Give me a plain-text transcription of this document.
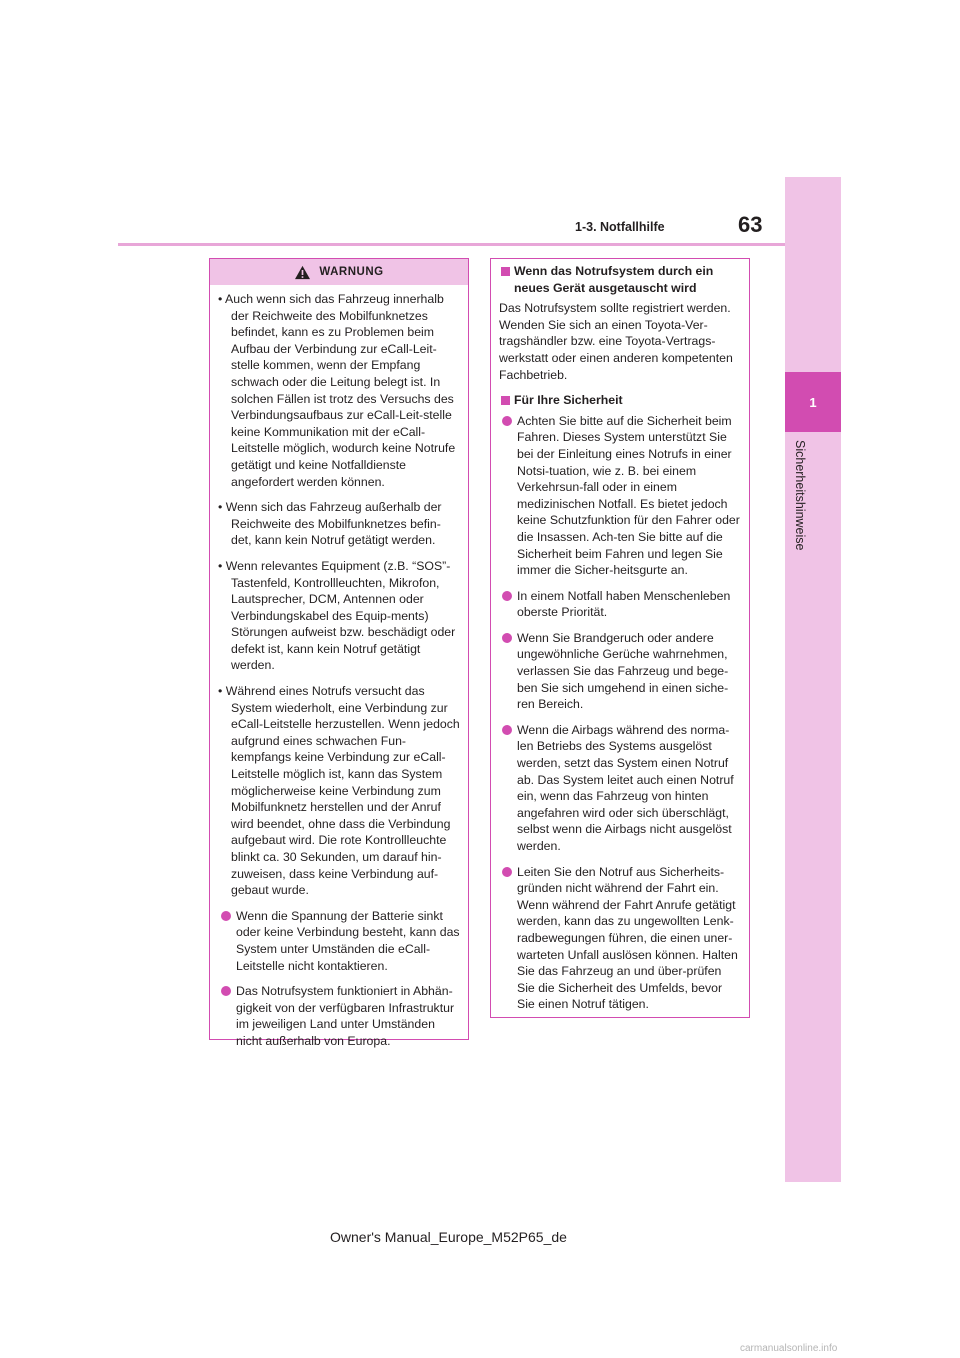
63
1-3. Notfallhilfe
1
Sicherheitshinweise
WARNUNG

• Auch wenn sich das Fahrzeug innerhalb der Reichweite des Mobilfunknetzes befindet, kann es zu Problemen beim Aufbau der Verbindung zur eCall-Leit-stelle kommen, wenn der Empfang schwach oder die Leitung belegt ist. In solchen Fällen ist trotz des Versuchs des Verbindungsaufbaus zur eCall-Leit-stelle keine Kommunikation mit der eCall-Leitstelle möglich, wodurch keine Notrufe getätigt und keine Notfalldienste angefordert werden können.

• Wenn sich das Fahrzeug außerhalb der Reichweite des Mobilfunknetzes befin-det, kann kein Notruf getätigt werden.

• Wenn relevantes Equipment (z.B. “SOS”-Tastenfeld, Kontrollleuchten, Mikrofon, Lautsprecher, DCM, Antennen oder Verbindungskabel des Equip-ments) Störungen aufweist bzw. beschädigt oder defekt ist, kann kein Notruf getätigt werden.

• Während eines Notrufs versucht das System wiederholt, eine Verbindung zur eCall-Leitstelle herzustellen. Wenn jedoch aufgrund eines schwachen Fun-kempfangs keine Verbindung zur eCall-Leitstelle möglich ist, kann das System möglicherweise keine Verbindung zum Mobilfunknetz herstellen und der Anruf wird beendet, ohne dass die Verbindung aufgebaut wird. Die rote Kontrollleuchte blinkt ca. 30 Sekunden, um darauf hin-zuweisen, dass keine Verbindung auf-gebaut wurde.

Wenn die Spannung der Batterie sinkt oder keine Verbindung besteht, kann das System unter Umständen die eCall-Leitstelle nicht kontaktieren.

Das Notrufsystem funktioniert in Abhän-gigkeit von der verfügbaren Infrastruktur im jeweiligen Land unter Umständen nicht außerhalb von Europa.

Wenn das Notrufsystem durch ein neues Gerät ausgetauscht wird

Das Notrufsystem sollte registriert werden. Wenden Sie sich an einen Toyota-Ver-tragshändler bzw. eine Toyota-Vertrags-werkstatt oder einen anderen kompetenten Fachbetrieb.

Für Ihre Sicherheit

Achten Sie bitte auf die Sicherheit beim Fahren. Dieses System unterstützt Sie bei der Einleitung eines Notrufs in einer Notsi-tuation, wie z. B. bei einem Verkehrsun-fall oder in einem medizinischen Notfall. Es bietet jedoch keine Schutzfunktion für den Fahrer oder die Insassen. Ach-ten Sie bitte auf die Sicherheit beim Fahren und legen Sie immer die Sicher-heitsgurte an.

In einem Notfall haben Menschenleben oberste Priorität.

Wenn Sie Brandgeruch oder andere ungewöhnliche Gerüche wahrnehmen, verlassen Sie das Fahrzeug und bege-ben Sie sich umgehend in einen siche-ren Bereich.

Wenn die Airbags während des norma-len Betriebs des Systems ausgelöst werden, setzt das System einen Notruf ab. Das System leitet auch einen Notruf ein, wenn das Fahrzeug von hinten angefahren wird oder sich überschlägt, selbst wenn die Airbags nicht ausgelöst werden.

Leiten Sie den Notruf aus Sicherheits-gründen nicht während der Fahrt ein. Wenn während der Fahrt Anrufe getätigt werden, kann das zu ungewollten Lenk-radbewegungen führen, die einen uner-warteten Unfall auslösen können. Halten Sie das Fahrzeug an und über-prüfen Sie die Sicherheit des Umfelds, bevor Sie einen Notruf tätigen.

Owner's Manual_Europe_M52P65_de
carmanualsonline.info
